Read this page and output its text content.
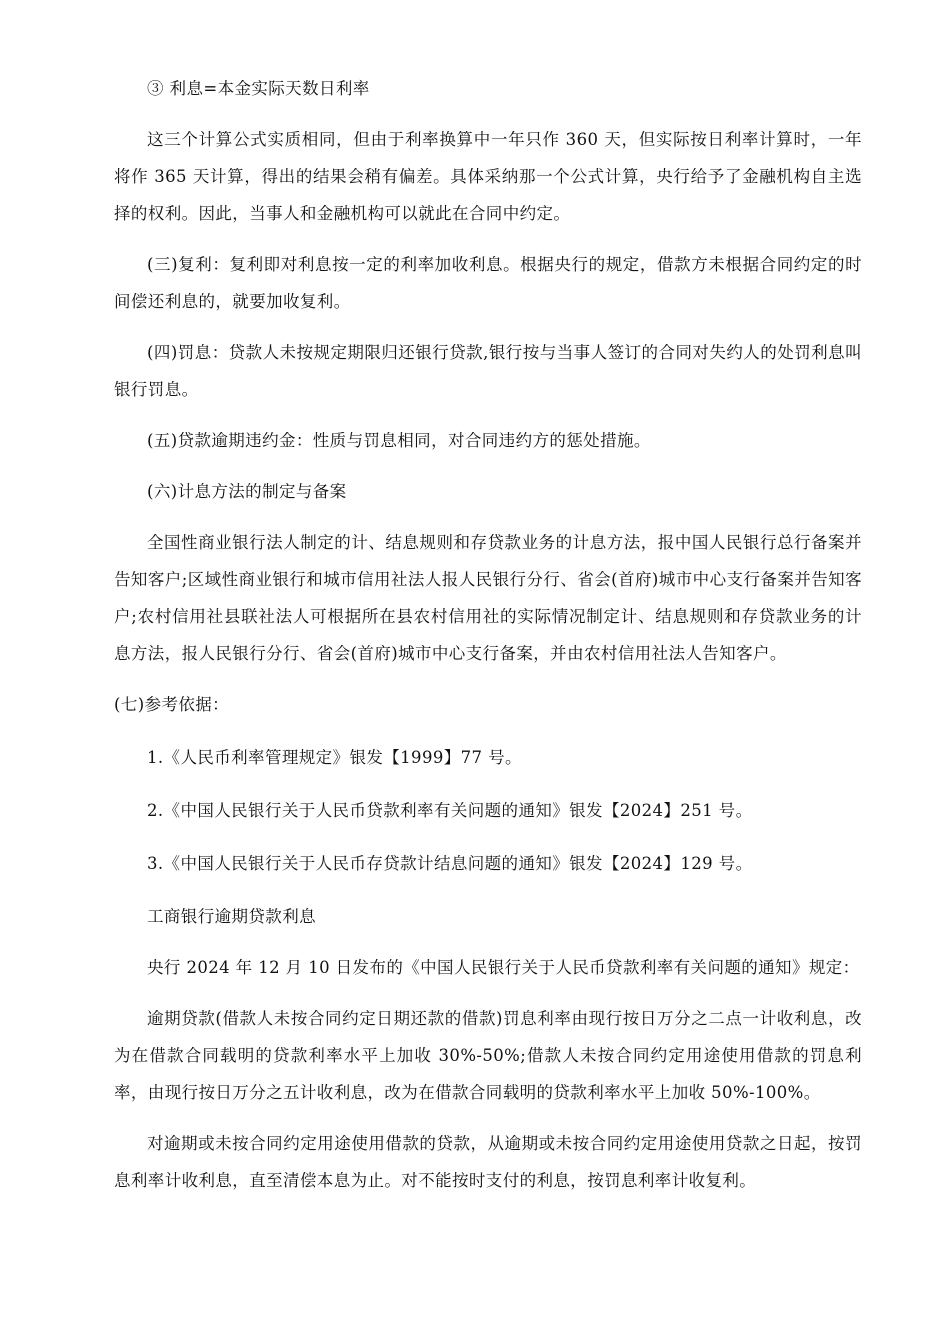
③ 利息=本金实际天数日利率

这三个计算公式实质相同，但由于利率换算中一年只作 360 天，但实际按日利率计算时，一年将作 365 天计算，得出的结果会稍有偏差。具体采纳那一个公式计算，央行给予了金融机构自主选择的权利。因此，当事人和金融机构可以就此在合同中约定。

(三)复利：复利即对利息按一定的利率加收利息。根据央行的规定，借款方未根据合同约定的时间偿还利息的，就要加收复利。

(四)罚息：贷款人未按规定期限归还银行贷款,银行按与当事人签订的合同对失约人的处罚利息叫银行罚息。

(五)贷款逾期违约金：性质与罚息相同，对合同违约方的惩处措施。

(六)计息方法的制定与备案

全国性商业银行法人制定的计、结息规则和存贷款业务的计息方法，报中国人民银行总行备案并告知客户;区域性商业银行和城市信用社法人报人民银行分行、省会(首府)城市中心支行备案并告知客户;农村信用社县联社法人可根据所在县农村信用社的实际情况制定计、结息规则和存贷款业务的计息方法，报人民银行分行、省会(首府)城市中心支行备案，并由农村信用社法人告知客户。

(七)参考依据：

1.《人民币利率管理规定》银发【1999】77 号。

2.《中国人民银行关于人民币贷款利率有关问题的通知》银发【2024】251 号。

3.《中国人民银行关于人民币存贷款计结息问题的通知》银发【2024】129 号。

工商银行逾期贷款利息

央行 2024 年 12 月 10 日发布的《中国人民银行关于人民币贷款利率有关问题的通知》规定：

逾期贷款(借款人未按合同约定日期还款的借款)罚息利率由现行按日万分之二点一计收利息，改为在借款合同载明的贷款利率水平上加收 30%-50%;借款人未按合同约定用途使用借款的罚息利率，由现行按日万分之五计收利息，改为在借款合同载明的贷款利率水平上加收 50%-100%。

对逾期或未按合同约定用途使用借款的贷款，从逾期或未按合同约定用途使用贷款之日起，按罚息利率计收利息，直至清偿本息为止。对不能按时支付的利息，按罚息利率计收复利。
